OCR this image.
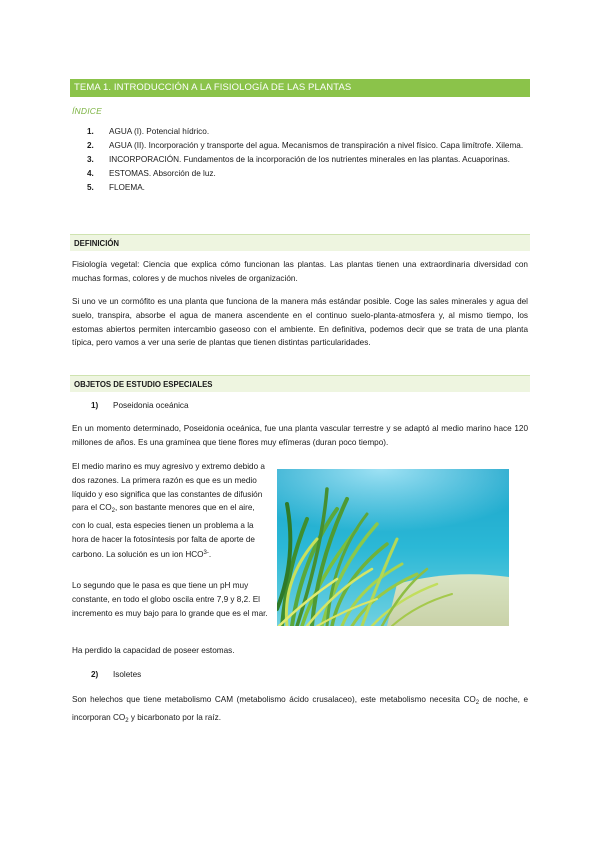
TEMA 1. INTRODUCCIÓN A LA FISIOLOGÍA DE LAS PLANTAS
ÍNDICE
1. AGUA (I). Potencial hídrico.
2. AGUA (II). Incorporación y transporte del agua. Mecanismos de transpiración a nivel físico. Capa limítrofe. Xilema.
3. INCORPORACIÓN. Fundamentos de la incorporación de los nutrientes minerales en las plantas. Acuaporinas.
4. ESTOMAS. Absorción de luz.
5. FLOEMA.
DEFINICIÓN

Fisiología vegetal: Ciencia que explica cómo funcionan las plantas. Las plantas tienen una extraordinaria diversidad con muchas formas, colores y de muchos niveles de organización.

Si uno ve un cormófito es una planta que funciona de la manera más estándar posible. Coge las sales minerales y agua del suelo, transpira, absorbe el agua de manera ascendente en el continuo suelo-planta-atmosfera y, al mismo tiempo, los estomas abiertos permiten intercambio gaseoso con el ambiente. En definitiva, podemos decir que se trata de una planta típica, pero vamos a ver una serie de plantas que tienen distintas particularidades.

OBJETOS DE ESTUDIO ESPECIALES
1) Poseidonia oceánica

En un momento determinado, Poseidonia oceánica, fue una planta vascular terrestre y se adaptó al medio marino hace 120 millones de años. Es una gramínea que tiene flores muy efímeras (duran poco tiempo).

El medio marino es muy agresivo y extremo debido a dos razones. La primera razón es que es un medio líquido y eso significa que las constantes de difusión para el $CO_2$, son bastante menores que en el aire, con lo cual, esta especies tienen un problema a la hora de hacer la fotosíntesis por falta de aporte de carbono. La solución es un ion $HCO^{3-}$.

Lo segundo que le pasa es que tiene un pH muy constante, en todo el globo oscila entre 7,9 y 8,2. El incremento es muy bajo para lo grande que es el mar.

Ha perdido la capacidad de poseer estomas.

2) Isoletes

Son helechos que tiene metabolismo CAM (metabolismo ácido crusalaceo), este metabolismo necesita $CO_2$ de noche, e incorporan $CO_2$ y bicarbonato por la raíz.
